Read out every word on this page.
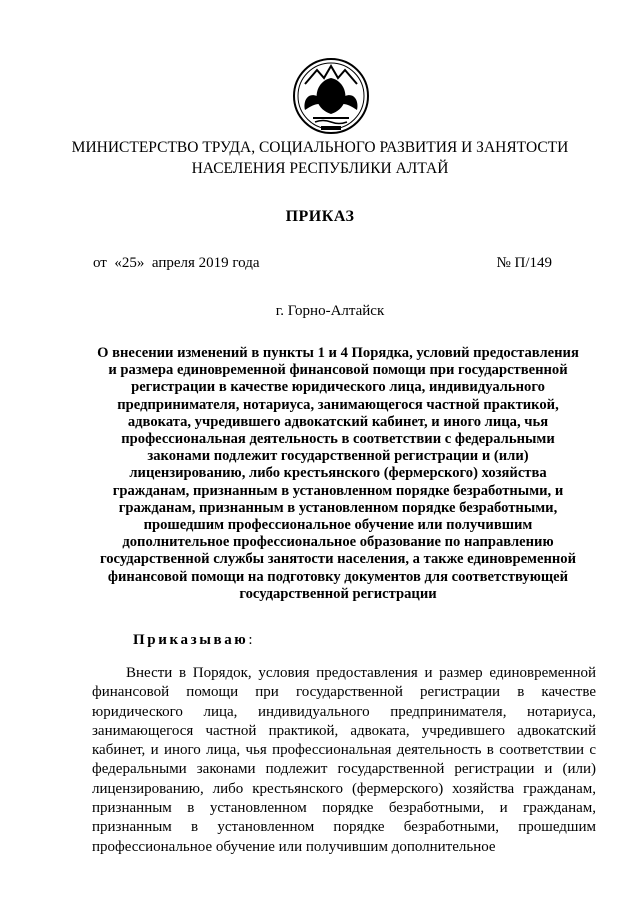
МИНИСТЕРСТВО ТРУДА, СОЦИАЛЬНОГО РАЗВИТИЯ И ЗАНЯТОСТИ
НАСЕЛЕНИЯ РЕСПУБЛИКИ АЛТАЙ
ПРИКАЗ
от  «25»  апреля 2019 года	№ П/149
г. Горно-Алтайск
О внесении изменений в пункты 1 и 4 Порядка, условий предоставления и размера единовременной финансовой помощи при государственной регистрации в качестве юридического лица, индивидуального предпринимателя, нотариуса, занимающегося частной практикой, адвоката, учредившего адвокатский кабинет, и иного лица, чья профессиональная деятельность в соответствии с федеральными законами подлежит государственной регистрации и (или) лицензированию, либо крестьянского (фермерского) хозяйства гражданам, признанным в установленном порядке безработными, и гражданам, признанным в установленном порядке безработными, прошедшим профессиональное обучение или получившим дополнительное профессиональное образование по направлению государственной службы занятости населения, а также единовременной финансовой помощи на подготовку документов для соответствующей государственной регистрации
Приказываю:
Внести в Порядок, условия предоставления и размер единовременной финансовой помощи при государственной регистрации в качестве юридического лица, индивидуального предпринимателя, нотариуса, занимающегося частной практикой, адвоката, учредившего адвокатский кабинет, и иного лица, чья профессиональная деятельность в соответствии с федеральными законами подлежит государственной регистрации и (или) лицензированию, либо крестьянского (фермерского) хозяйства гражданам, признанным в установленном порядке безработными, и гражданам, признанным в установленном порядке безработными, прошедшим профессиональное обучение или получившим дополнительное
